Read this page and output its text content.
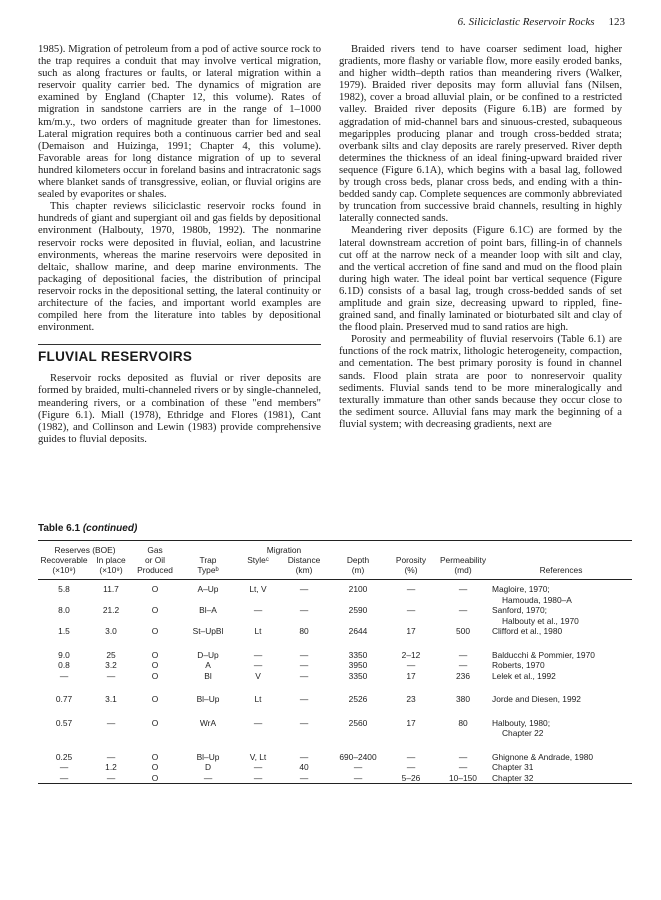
6. Siliciclastic Reservoir Rocks 123

1985). Migration of petroleum from a pod of active source rock to the trap requires a conduit that may involve vertical migration, such as along fractures or faults, or lateral migration within a reservoir quality carrier bed. The dynamics of migration are examined by England (Chapter 12, this volume). Rates of migration in sandstone carriers are in the range of 1–1000 km/m.y., two orders of magnitude greater than for limestones. Lateral migration requires both a continuous carrier bed and seal (Demaison and Huizinga, 1991; Chapter 4, this volume). Favorable areas for long distance migration of up to several hundred kilometers occur in foreland basins and intracratonic sags where blanket sands of transgressive, eolian, or fluvial origins are sealed by evaporites or shales.

This chapter reviews siliciclastic reservoir rocks found in hundreds of giant and supergiant oil and gas fields by depositional environment (Halbouty, 1970, 1980b, 1992). The nonmarine reservoir rocks were deposited in fluvial, eolian, and lacustrine environments, whereas the marine reservoirs were deposited in deltaic, shallow marine, and deep marine environments. The packaging of depositional facies, the distribution of principal reservoir rocks in the depositional setting, the lateral continuity or architecture of the facies, and important world examples are compiled here from the literature into tables by depositional environment.

FLUVIAL RESERVOIRS

Reservoir rocks deposited as fluvial or river deposits are formed by braided, multi-channeled rivers or by single-channeled, meandering rivers, or a combination of these "end members" (Figure 6.1). Miall (1978), Ethridge and Flores (1981), Cant (1982), and Collinson and Lewin (1983) provide comprehensive guides to fluvial deposits.

Braided rivers tend to have coarser sediment load, higher gradients, more flashy or variable flow, more easily eroded banks, and higher width–depth ratios than meandering rivers (Walker, 1979). Braided river deposits may form alluvial fans (Nilsen, 1982), cover a broad alluvial plain, or be confined to a restricted valley. Braided river deposits (Figure 6.1B) are formed by aggradation of mid-channel bars and sinuous-crested, subaqueous megaripples producing planar and trough cross-bedded strata; overbank silts and clay deposits are rarely preserved. River depth determines the thickness of an ideal fining-upward braided river sequence (Figure 6.1A), which begins with a basal lag, followed by trough cross beds, planar cross beds, and ending with a thin-bedded sandy cap. Complete sequences are commonly abbreviated by truncation from successive braid channels, resulting in highly laterally connected sands.

Meandering river deposits (Figure 6.1C) are formed by the lateral downstream accretion of point bars, filling-in of channels cut off at the narrow neck of a meander loop with silt and clay, and the vertical accretion of fine sand and mud on the flood plain during high water. The ideal point bar vertical sequence (Figure 6.1D) consists of a basal lag, trough cross-bedded sands of set amplitude and grain size, decreasing upward to rippled, fine-grained sand, and finally laminated or bioturbated silt and clay of the flood plain. Preserved mud to sand ratios are high.

Porosity and permeability of fluvial reservoirs (Table 6.1) are functions of the rock matrix, lithologic heterogeneity, compaction, and cementation. The best primary porosity is found in channel sands. Flood plain strata are poor to nonreservoir quality sediments. Fluvial sands tend to be more mineralogically and texturally immature than other sands because they occur close to the sediment source. Alluvial fans may mark the beginning of a fluvial system; with decreasing gradients, next are

Table 6.1 (continued)
Reserves (BOE)		Gas		Migration					
Recoverable	In place	or Oil	Trap	Styleᶜ	Distance	Depth	Porosity	Permeability	
(×10⁹)	(×10⁹)	Produced	Typeᵇ		(km)	(m)	(%)	(md)	References
5.8	11.7	O	A–Up	Lt, V	—	2100	—	—	Magloire, 1970;
Hamouda, 1980–A

8.0	21.2	O	Bl–A	—	—	2590	—	—	Sanford, 1970;
Halbouty et al., 1970

1.5	3.0	O	St–UpBl	Lt	80	2644	17	500	Clifford et al., 1980

9.0	25	O	D–Up	—	—	3350	2–12	—	Balducchi & Pommier, 1970

0.8	3.2	O	A	—	—	3950	—	—	Roberts, 1970

—	—	O	Bl	V	—	3350	17	236	Lelek et al., 1992

0.77	3.1	O	Bl–Up	Lt	—	2526	23	380	Jorde and Diesen, 1992

0.57	—	O	WrA	—	—	2560	17	80	Halbouty, 1980;
Chapter 22

0.25	—	O	Bl–Up	V, Lt	—	690–2400	—	—	Ghignone & Andrade, 1980

—	1.2	O	D	—	40	—	—	—	Chapter 31

—	—	O	—	—	—	—	5–26	10–150	Chapter 32
